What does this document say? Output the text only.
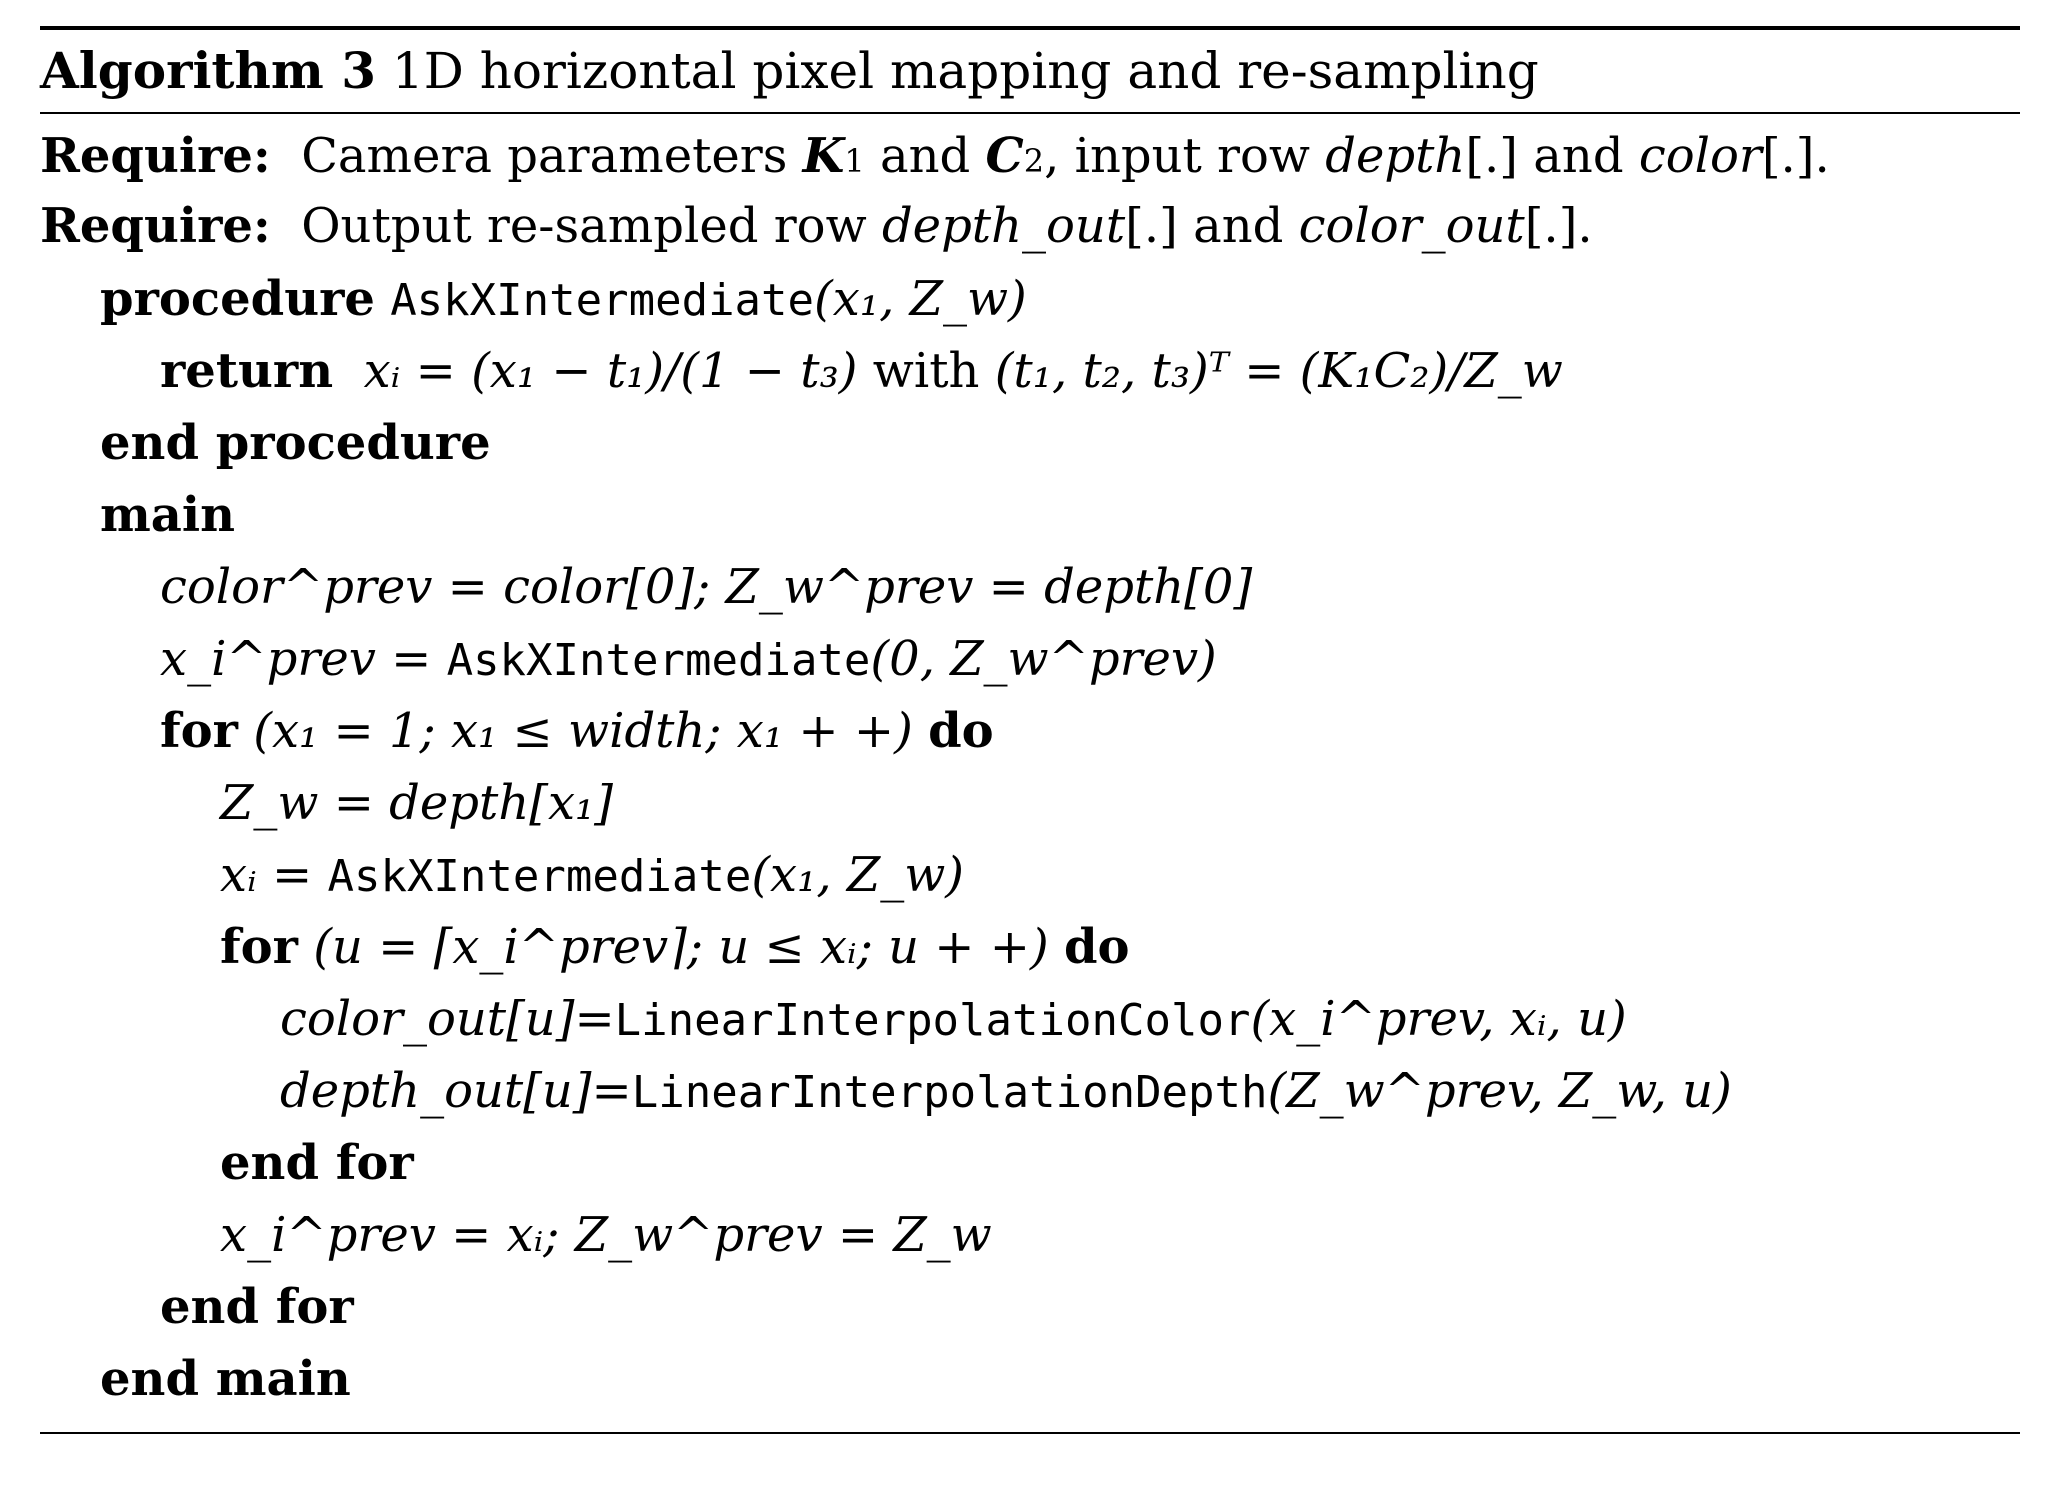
Algorithm 3
1D horizontal pixel mapping and re-sampling
Require:
Camera parameters
K 1
and
C 2 , input row
depth [.]
and
color [.].
Require:
Output re-sampled row
depth_out [.]
and
color_out [.].
procedure
AskXIntermediate (x₁, Z_w)
return
xᵢ = (x₁ − t₁)/(1 − t₃)
with
(t₁, t₂, t₃)ᵀ = (K₁C₂)/Z_w
end procedure
main
color^prev = color[0]; Z_w^prev = depth[0]
x_i^prev =
AskXIntermediate (0, Z_w^prev)
for
(x₁ = 1; x₁ ≤ width; x₁ + +)
do
Z_w = depth[x₁]
xᵢ =
AskXIntermediate (x₁, Z_w)
for
(u = ⌈x_i^prev⌉; u ≤ xᵢ; u + +)
do
color_out[u]= LinearInterpolationColor (x_i^prev, xᵢ, u)
depth_out[u]= LinearInterpolationDepth (Z_w^prev, Z_w, u)
end for
x_i^prev = xᵢ; Z_w^prev = Z_w
end for
end main
